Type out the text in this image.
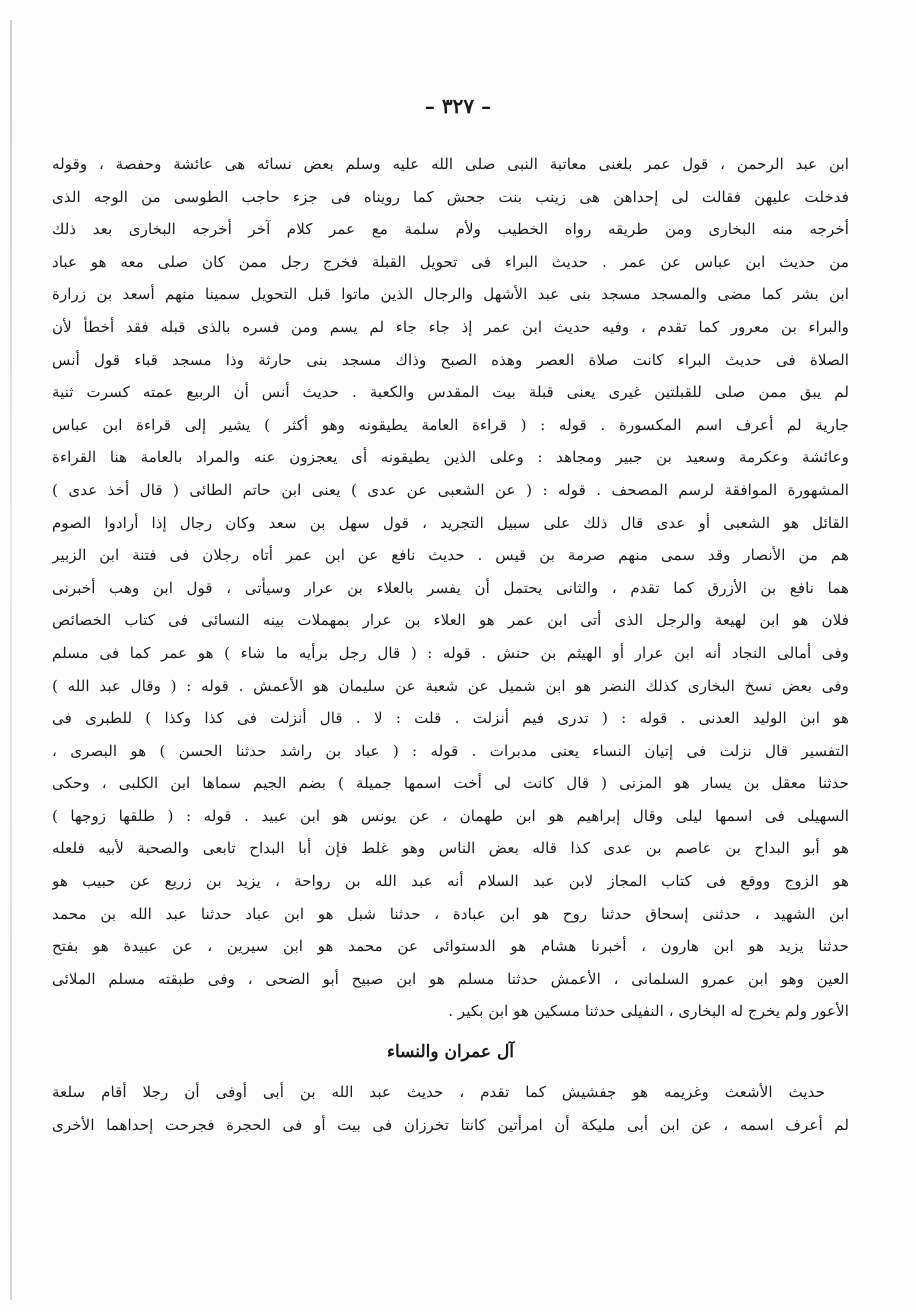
– ٣٢٧ –
ابن عبد الرحمن ، قول عمر بلغنى معاتبة النبى صلى الله عليه وسلم بعض نسائه هى عائشة وحفصة ، وقوله
فدخلت عليهن فقالت لى إحداهن هى زينب بنت جحش كما رويناه فى جزء حاجب الطوسى من الوجه الذى
أخرجه منه البخارى ومن طريقه رواه الخطيب ولأم سلمة مع عمر كلام آخر أخرجه البخارى بعد ذلك
من حديث ابن عباس عن عمر . حديث البراء فى تحويل القبلة فخرج رجل ممن كان صلى معه هو عباد
ابن بشر كما مضى والمسجد مسجد بنى عبد الأشهل والرجال الذين ماتوا قبل التحويل سمينا منهم أسعد بن زرارة
والبراء بن معرور كما تقدم ، وفيه حديث ابن عمر إذ جاء جاء لم يسم ومن فسره بالذى قبله فقد أخطأ لأن
الصلاة فى حديث البراء كانت صلاة العصر وهذه الصبح وذاك مسجد بنى حارثة وذا مسجد قباء قول أنس
لم يبق ممن صلى للقبلتين غيرى يعنى قبلة بيت المقدس والكعبة . حديث أنس أن الربيع عمته كسرت ثنية
جارية لم أعرف اسم المكسورة . قوله : ( قراءة العامة يطيقونه وهو أكثر ) يشير إلى قراءة ابن عباس
وعائشة وعكرمة وسعيد بن جبير ومجاهد : وعلى الذين يطيقونه أى يعجزون عنه والمراد بالعامة هنا القراءة
المشهورة الموافقة لرسم المصحف . قوله : ( عن الشعبى عن عدى ) يعنى ابن حاتم الطائى ( قال أخذ عدى )
القائل هو الشعبى أو عدى قال ذلك على سبيل التجريد ، قول سهل بن سعد وكان رجال إذا أرادوا الصوم
هم من الأنصار وقد سمى منهم صرمة بن قيس . حديث نافع عن ابن عمر أتاه رجلان فى فتنة ابن الزبير
هما نافع بن الأزرق كما تقدم ، والثانى يحتمل أن يفسر بالعلاء بن عرار وسيأتى ، قول ابن وهب أخبرنى
فلان هو ابن لهيعة والرجل الذى أتى ابن عمر هو العلاء بن عرار بمهملات بينه النسائى فى كتاب الخصائص
وفى أمالى النجاد أنه ابن عرار أو الهيثم بن حنش . قوله : ( قال رجل برأيه ما شاء ) هو عمر كما فى مسلم
وفى بعض نسخ البخارى كذلك النضر هو ابن شميل عن شعبة عن سليمان هو الأعمش . قوله : ( وقال عبد الله )
هو ابن الوليد العدنى . قوله : ( تدرى فيم أنزلت . قلت : لا . قال أنزلت فى كذا وكذا ) للطبرى فى
التفسير قال نزلت فى إتيان النساء يعنى مدبرات . قوله : ( عباد بن راشد حدثنا الحسن ) هو البصرى ،
حدثنا معقل بن يسار هو المزنى ( قال كانت لى أخت اسمها جميلة ) بضم الجيم سماها ابن الكلبى ، وحكى
السهيلى فى اسمها ليلى وقال إبراهيم هو ابن طهمان ، عن يونس هو ابن عبيد . قوله : ( طلقها زوجها )
هو أبو البداح بن عاصم بن عدى كذا قاله بعض الناس وهو غلط فإن أبا البداح تابعى والصحبة لأبيه فلعله
هو الزوج ووقع فى كتاب المجاز لابن عبد السلام أنه عبد الله بن رواحة ، يزيد بن زريع عن حبيب هو
ابن الشهيد ، حدثنى إسحاق حدثنا روح هو ابن عبادة ، حدثنا شبل هو ابن عباد حدثنا عبد الله بن محمد
حدثنا يزيد هو ابن هارون ، أخبرنا هشام هو الدستوائى عن محمد هو ابن سيرين ، عن عبيدة هو بفتح
العين وهو ابن عمرو السلمانى ، الأعمش حدثنا مسلم هو ابن صبيح أبو الضحى ، وفى طبقته مسلم الملائى
الأعور ولم يخرج له البخارى ، النفيلى حدثنا مسكين هو ابن بكير .
آل عمران والنساء
حديث الأشعث وغريمه هو جفشيش كما تقدم ، حديث عبد الله بن أبى أوفى أن رجلا أقام سلعة
لم أعرف اسمه ، عن ابن أبى مليكة أن امرأتين كانتا تخرزان فى بيت أو فى الحجرة فجرحت إحداهما الأخرى
